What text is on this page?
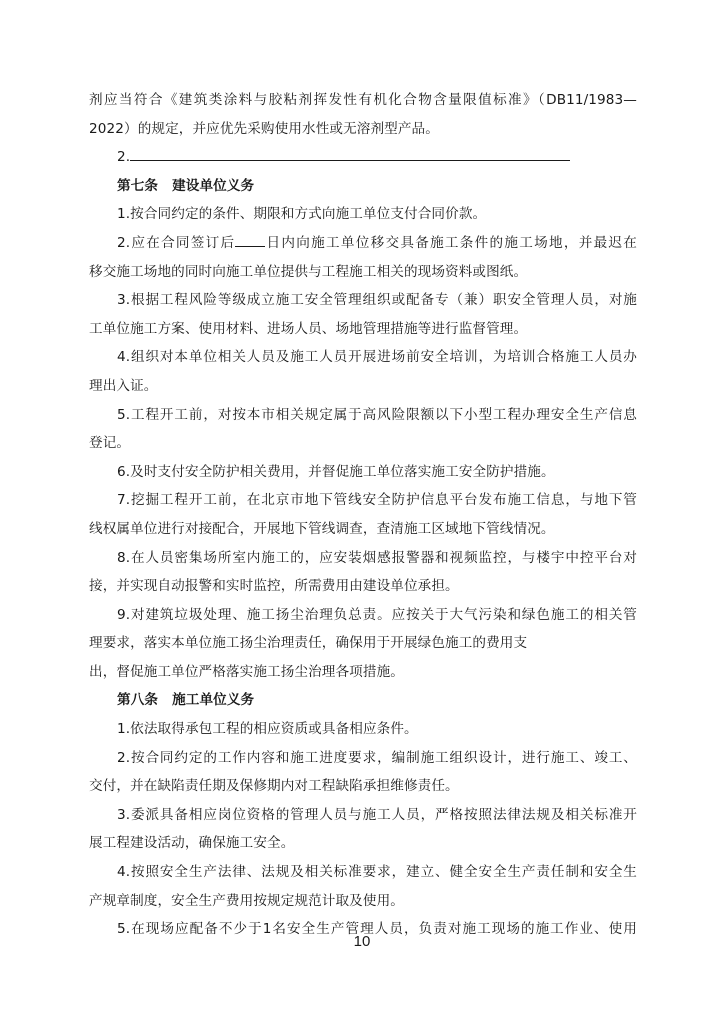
剂应当符合《建筑类涂料与胶粘剂挥发性有机化合物含量限值标准》（DB11/1983—
2022）的规定，并应优先采购使用水性或无溶剂型产品。
2.
第七条 建设单位义务
1.按合同约定的条件、期限和方式向施工单位支付合同价款。
2.应在合同签订后 日内向施工单位移交具备施工条件的施工场地，并最迟在
移交施工场地的同时向施工单位提供与工程施工相关的现场资料或图纸。
3.根据工程风险等级成立施工安全管理组织或配备专（兼）职安全管理人员，对施
工单位施工方案、使用材料、进场人员、场地管理措施等进行监督管理。
4.组织对本单位相关人员及施工人员开展进场前安全培训，为培训合格施工人员办
理出入证。
5.工程开工前，对按本市相关规定属于高风险限额以下小型工程办理安全生产信息
登记。
6.及时支付安全防护相关费用，并督促施工单位落实施工安全防护措施。
7.挖掘工程开工前，在北京市地下管线安全防护信息平台发布施工信息，与地下管
线权属单位进行对接配合，开展地下管线调查，查清施工区域地下管线情况。
8.在人员密集场所室内施工的，应安装烟感报警器和视频监控，与楼宇中控平台对
接，并实现自动报警和实时监控，所需费用由建设单位承担。
9.对建筑垃圾处理、施工扬尘治理负总责。应按关于大气污染和绿色施工的相关管
理要求，落实本单位施工扬尘治理责任，确保用于开展绿色施工的费用支
出，督促施工单位严格落实施工扬尘治理各项措施。
第八条 施工单位义务
1.依法取得承包工程的相应资质或具备相应条件。
2.按合同约定的工作内容和施工进度要求，编制施工组织设计，进行施工、竣工、
交付，并在缺陷责任期及保修期内对工程缺陷承担维修责任。
3.委派具备相应岗位资格的管理人员与施工人员，严格按照法律法规及相关标准开
展工程建设活动，确保施工安全。
4.按照安全生产法律、法规及相关标准要求，建立、健全安全生产责任制和安全生
产规章制度，安全生产费用按规定规范计取及使用。
5.在现场应配备不少于1名安全生产管理人员，负责对施工现场的施工作业、使用
10
